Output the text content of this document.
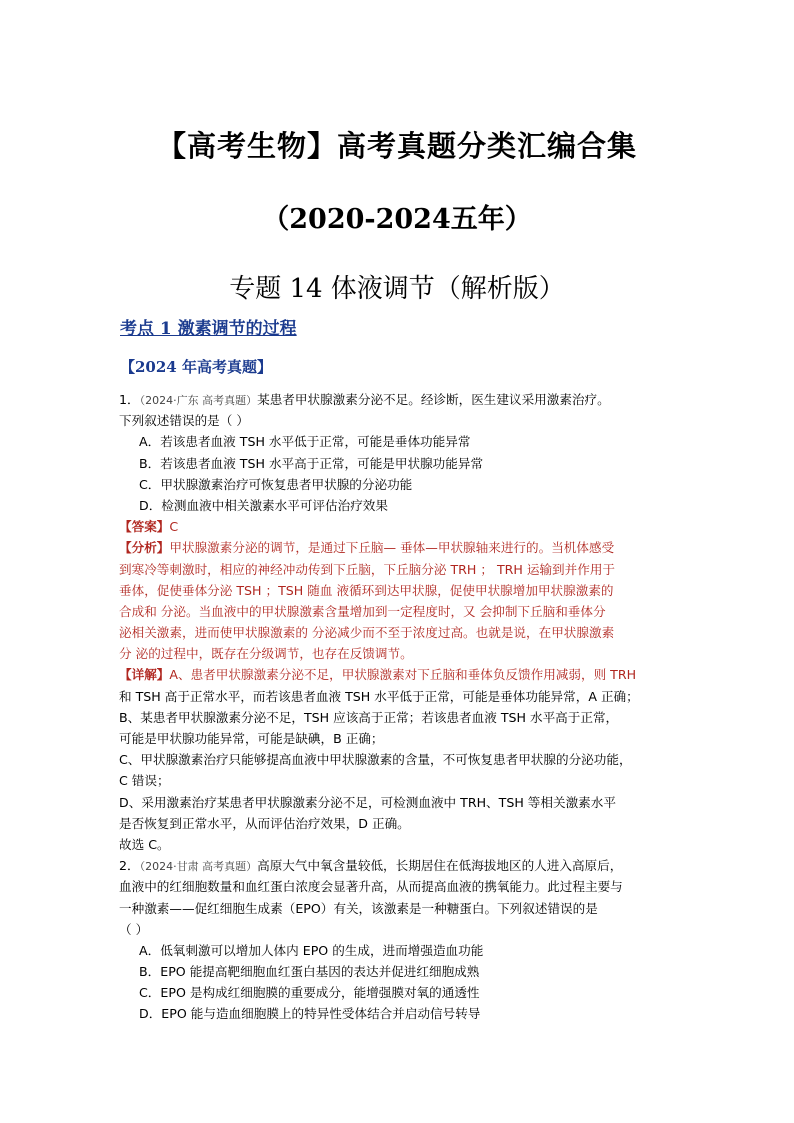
【高考生物】高考真题分类汇编合集
（2020-2024五年）
专题 14 体液调节（解析版）
考点 1 激素调节的过程
【2024 年高考真题】
1．（2024·广东 高考真题）某患者甲状腺激素分泌不足。经诊断，医生建议采用激素治疗。
下列叙述错误的是（ ）
A．若该患者血液 TSH 水平低于正常，可能是垂体功能异常
B．若该患者血液 TSH 水平高于正常，可能是甲状腺功能异常
C．甲状腺激素治疗可恢复患者甲状腺的分泌功能
D．检测血液中相关激素水平可评估治疗效果
【答案】C
【分析】甲状腺激素分泌的调节，是通过下丘脑— 垂体—甲状腺轴来进行的。当机体感受
到寒冷等刺激时，相应的神经冲动传到下丘脑，下丘脑分泌 TRH ； TRH 运输到并作用于
垂体，促使垂体分泌 TSH ；TSH 随血 液循环到达甲状腺，促使甲状腺增加甲状腺激素的
合成和 分泌。当血液中的甲状腺激素含量增加到一定程度时，又 会抑制下丘脑和垂体分
泌相关激素，进而使甲状腺激素的 分泌减少而不至于浓度过高。也就是说，在甲状腺激素
分 泌的过程中，既存在分级调节，也存在反馈调节。
【详解】A、患者甲状腺激素分泌不足，甲状腺激素对下丘脑和垂体负反馈作用减弱，则 TRH
和 TSH 高于正常水平，而若该患者血液 TSH 水平低于正常，可能是垂体功能异常，A 正确；
B、某患者甲状腺激素分泌不足，TSH 应该高于正常；若该患者血液 TSH 水平高于正常，
可能是甲状腺功能异常，可能是缺碘，B 正确；
C、甲状腺激素治疗只能够提高血液中甲状腺激素的含量，不可恢复患者甲状腺的分泌功能，
C 错误；
D、采用激素治疗某患者甲状腺激素分泌不足，可检测血液中 TRH、TSH 等相关激素水平
是否恢复到正常水平，从而评估治疗效果，D 正确。
故选 C。
2．（2024·甘肃 高考真题）高原大气中氧含量较低，长期居住在低海拔地区的人进入高原后，
血液中的红细胞数量和血红蛋白浓度会显著升高，从而提高血液的携氧能力。此过程主要与
一种激素——促红细胞生成素（EPO）有关，该激素是一种糖蛋白。下列叙述错误的是
（ ）
A．低氧刺激可以增加人体内 EPO 的生成，进而增强造血功能
B．EPO 能提高靶细胞血红蛋白基因的表达并促进红细胞成熟
C．EPO 是构成红细胞膜的重要成分，能增强膜对氧的通透性
D．EPO 能与造血细胞膜上的特异性受体结合并启动信号转导
